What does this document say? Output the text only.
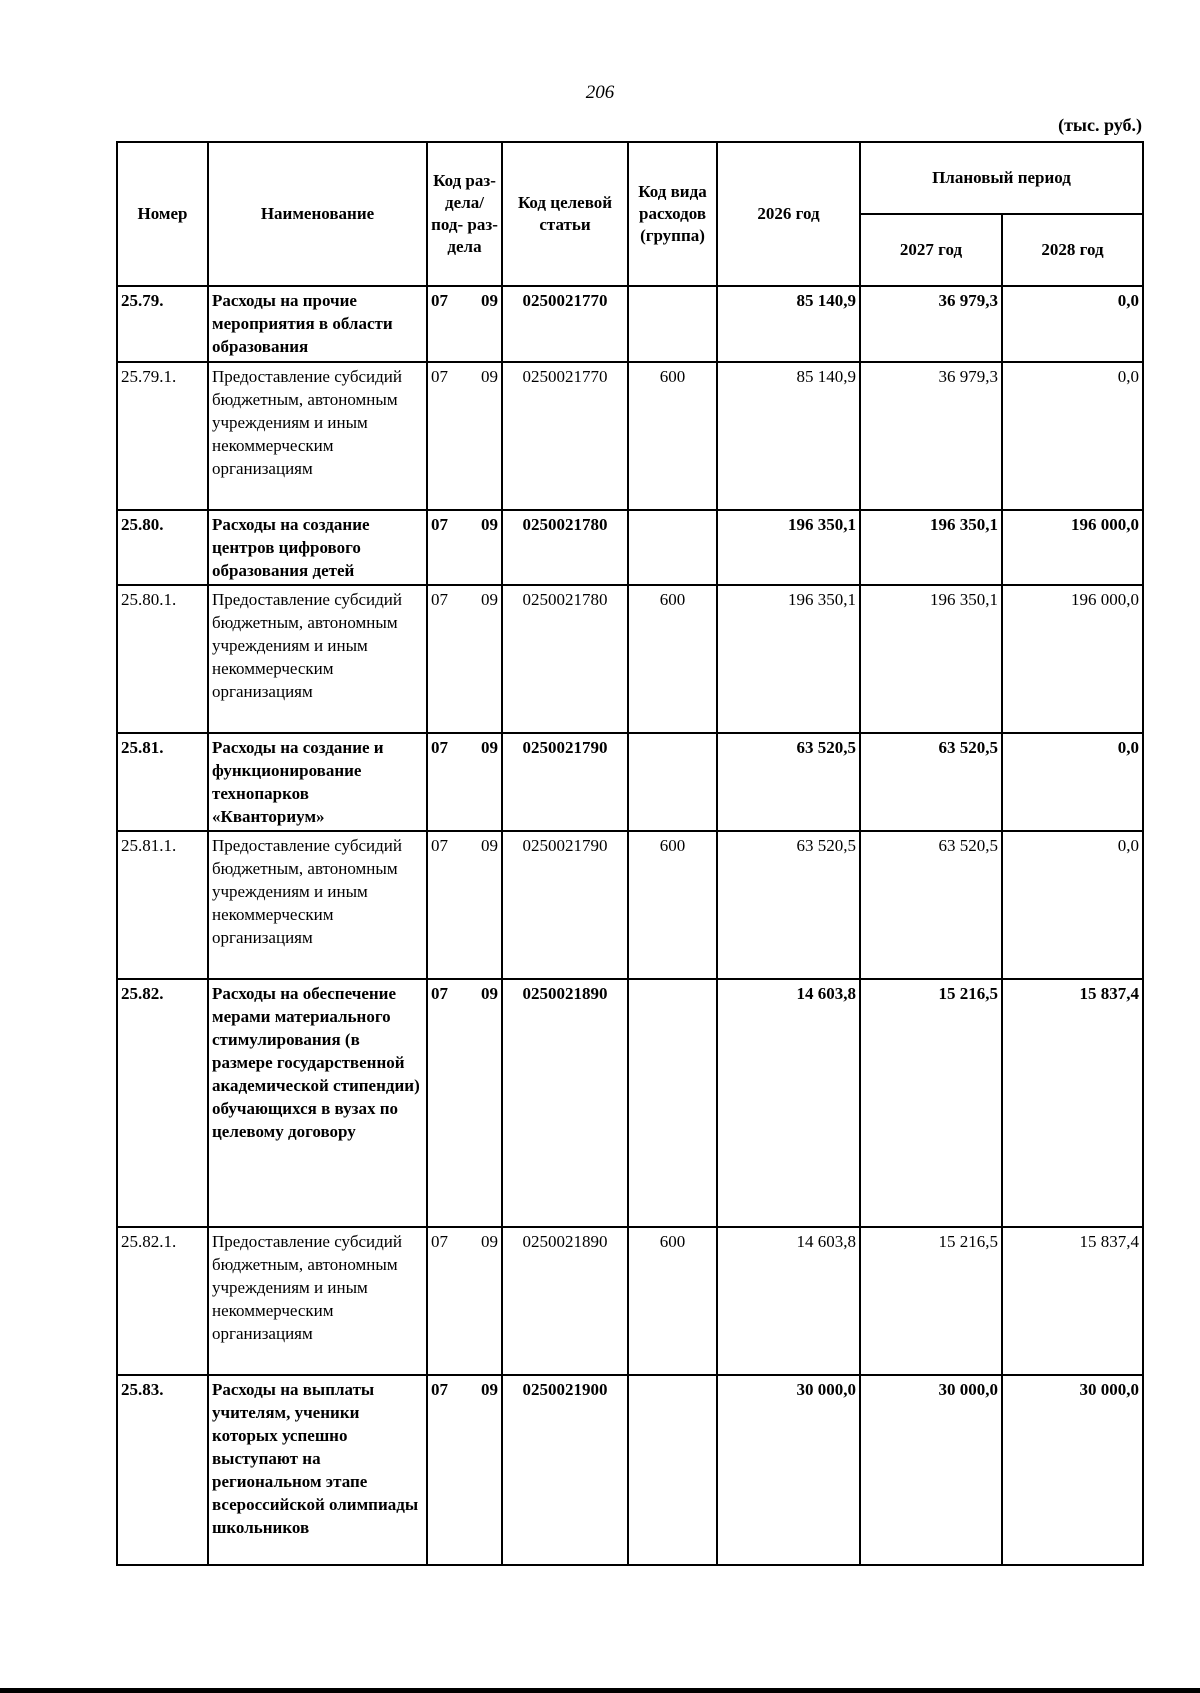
206
(тыс. руб.)
Номер	Наименование	Код раз- дела/ под- раз- дела	Код целевой статьи	Код вида расходов (группа)	2026 год	Плановый период	
						2027 год	2028 год
25.79.	Расходы на прочие мероприятия в области образования	07 09	0250021770		85 140,9	36 979,3	0,0
25.79.1.	Предоставление субсидий бюджетным, автономным учреждениям и иным некоммерческим организациям	07 09	0250021770	600	85 140,9	36 979,3	0,0
25.80.	Расходы на создание центров цифрового образования детей	07 09	0250021780		196 350,1	196 350,1	196 000,0
25.80.1.	Предоставление субсидий бюджетным, автономным учреждениям и иным некоммерческим организациям	07 09	0250021780	600	196 350,1	196 350,1	196 000,0
25.81.	Расходы на создание и функционирование технопарков «Кванториум»	07 09	0250021790		63 520,5	63 520,5	0,0
25.81.1.	Предоставление субсидий бюджетным, автономным учреждениям и иным некоммерческим организациям	07 09	0250021790	600	63 520,5	63 520,5	0,0
25.82.	Расходы на обеспечение мерами материального стимулирования (в размере государственной академической стипендии) обучающихся в вузах по целевому договору	07 09	0250021890		14 603,8	15 216,5	15 837,4
25.82.1.	Предоставление субсидий бюджетным, автономным учреждениям и иным некоммерческим организациям	07 09	0250021890	600	14 603,8	15 216,5	15 837,4
25.83.	Расходы на выплаты учителям, ученики которых успешно выступают на региональном этапе всероссийской олимпиады школьников	07 09	0250021900		30 000,0	30 000,0	30 000,0
